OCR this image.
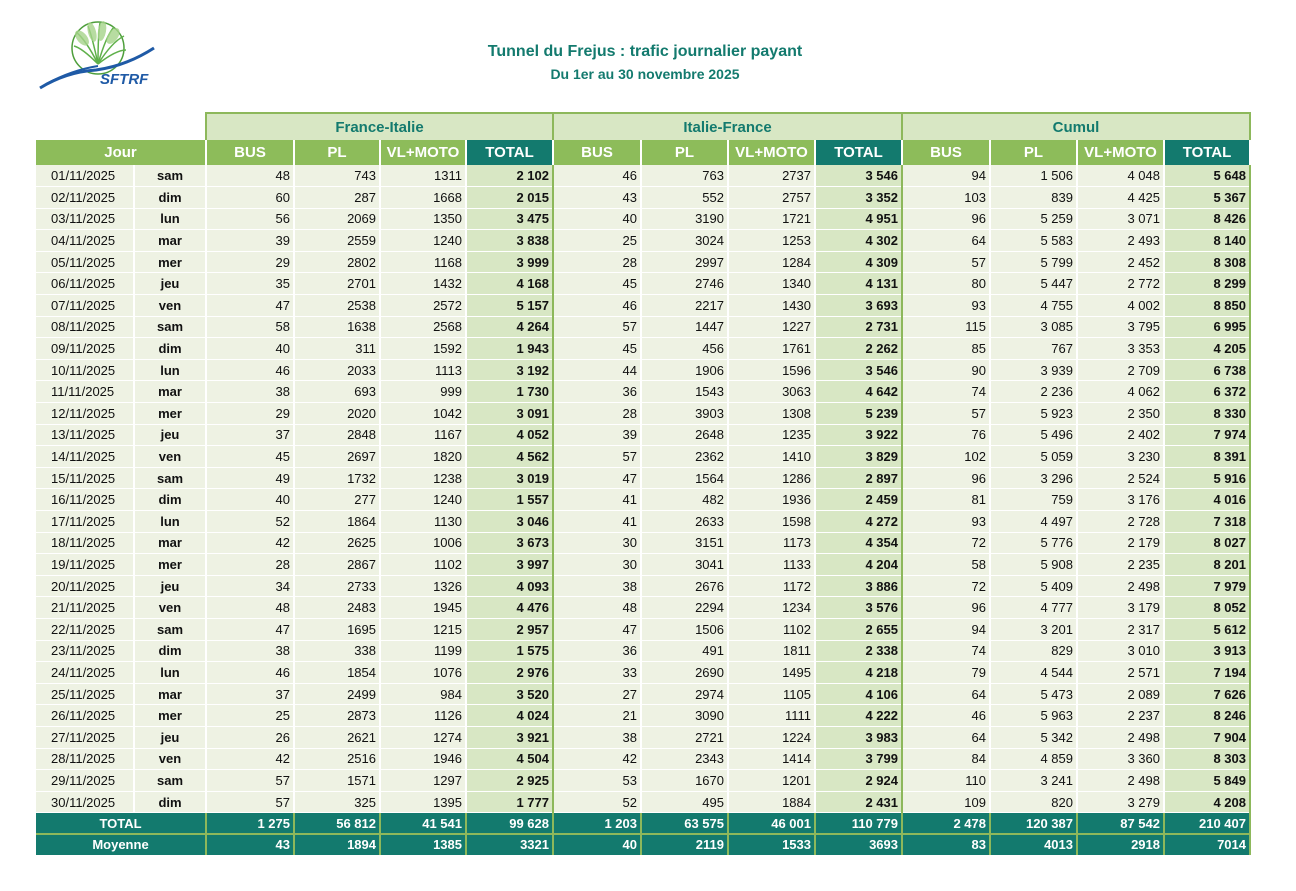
SFTRF
Tunnel du Frejus : trafic journalier payant
Du 1er au 30 novembre 2025
		France-Italie				Italie-France				Cumul			
Jour		BUS	PL	VL+MOTO	TOTAL	BUS	PL	VL+MOTO	TOTAL	BUS	PL	VL+MOTO	TOTAL
01/11/2025	sam	48	743	1311	2 102	46	763	2737	3 546	94	1 506	4 048	5 648
02/11/2025	dim	60	287	1668	2 015	43	552	2757	3 352	103	839	4 425	5 367
03/11/2025	lun	56	2069	1350	3 475	40	3190	1721	4 951	96	5 259	3 071	8 426
04/11/2025	mar	39	2559	1240	3 838	25	3024	1253	4 302	64	5 583	2 493	8 140
05/11/2025	mer	29	2802	1168	3 999	28	2997	1284	4 309	57	5 799	2 452	8 308
06/11/2025	jeu	35	2701	1432	4 168	45	2746	1340	4 131	80	5 447	2 772	8 299
07/11/2025	ven	47	2538	2572	5 157	46	2217	1430	3 693	93	4 755	4 002	8 850
08/11/2025	sam	58	1638	2568	4 264	57	1447	1227	2 731	115	3 085	3 795	6 995
09/11/2025	dim	40	311	1592	1 943	45	456	1761	2 262	85	767	3 353	4 205
10/11/2025	lun	46	2033	1113	3 192	44	1906	1596	3 546	90	3 939	2 709	6 738
11/11/2025	mar	38	693	999	1 730	36	1543	3063	4 642	74	2 236	4 062	6 372
12/11/2025	mer	29	2020	1042	3 091	28	3903	1308	5 239	57	5 923	2 350	8 330
13/11/2025	jeu	37	2848	1167	4 052	39	2648	1235	3 922	76	5 496	2 402	7 974
14/11/2025	ven	45	2697	1820	4 562	57	2362	1410	3 829	102	5 059	3 230	8 391
15/11/2025	sam	49	1732	1238	3 019	47	1564	1286	2 897	96	3 296	2 524	5 916
16/11/2025	dim	40	277	1240	1 557	41	482	1936	2 459	81	759	3 176	4 016
17/11/2025	lun	52	1864	1130	3 046	41	2633	1598	4 272	93	4 497	2 728	7 318
18/11/2025	mar	42	2625	1006	3 673	30	3151	1173	4 354	72	5 776	2 179	8 027
19/11/2025	mer	28	2867	1102	3 997	30	3041	1133	4 204	58	5 908	2 235	8 201
20/11/2025	jeu	34	2733	1326	4 093	38	2676	1172	3 886	72	5 409	2 498	7 979
21/11/2025	ven	48	2483	1945	4 476	48	2294	1234	3 576	96	4 777	3 179	8 052
22/11/2025	sam	47	1695	1215	2 957	47	1506	1102	2 655	94	3 201	2 317	5 612
23/11/2025	dim	38	338	1199	1 575	36	491	1811	2 338	74	829	3 010	3 913
24/11/2025	lun	46	1854	1076	2 976	33	2690	1495	4 218	79	4 544	2 571	7 194
25/11/2025	mar	37	2499	984	3 520	27	2974	1105	4 106	64	5 473	2 089	7 626
26/11/2025	mer	25	2873	1126	4 024	21	3090	1111	4 222	46	5 963	2 237	8 246
27/11/2025	jeu	26	2621	1274	3 921	38	2721	1224	3 983	64	5 342	2 498	7 904
28/11/2025	ven	42	2516	1946	4 504	42	2343	1414	3 799	84	4 859	3 360	8 303
29/11/2025	sam	57	1571	1297	2 925	53	1670	1201	2 924	110	3 241	2 498	5 849
30/11/2025	dim	57	325	1395	1 777	52	495	1884	2 431	109	820	3 279	4 208
TOTAL		1 275	56 812	41 541	99 628	1 203	63 575	46 001	110 779	2 478	120 387	87 542	210 407
Moyenne		43	1894	1385	3321	40	2119	1533	3693	83	4013	2918	7014
